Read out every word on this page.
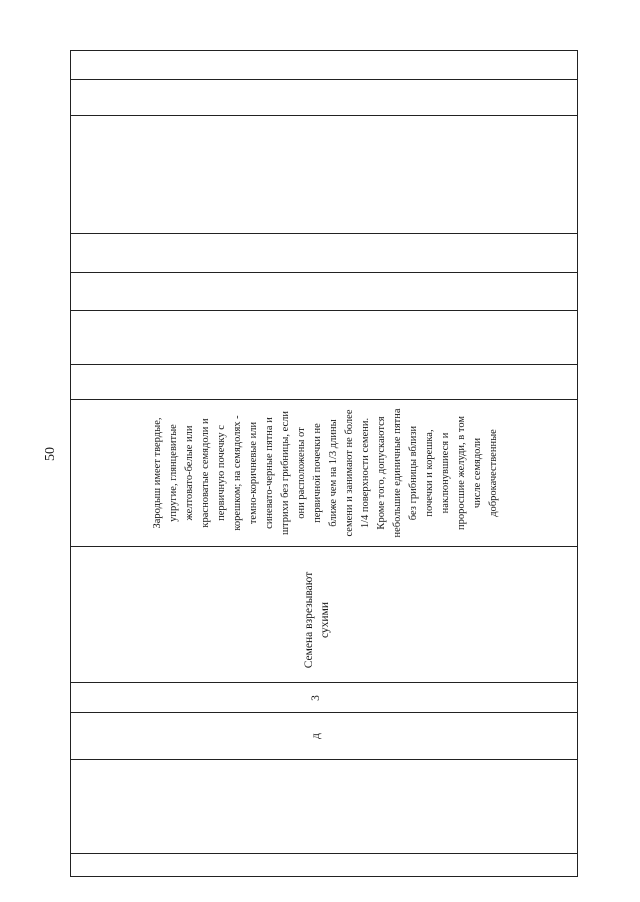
50	Зародыш имеет твердые, упругие, глянцевитые желтовато-белые или красноватые семядоли и первичную почечку с корешком; на семядолях - темно-коричневые или синевато-черные пятна и штрихи без грибницы, если они расположены от первичной почечки не ближе чем на 1/3 длины семени и занимают не более 1/4 поверхности семени. Кроме того, допускаются небольшие единичные пятна без грибницы вблизи почечки и корешка, наклюнувшиеся и проросшие желуди, в том числе семядоли доброкачественные
Семена взрезывают сухими
3
д
